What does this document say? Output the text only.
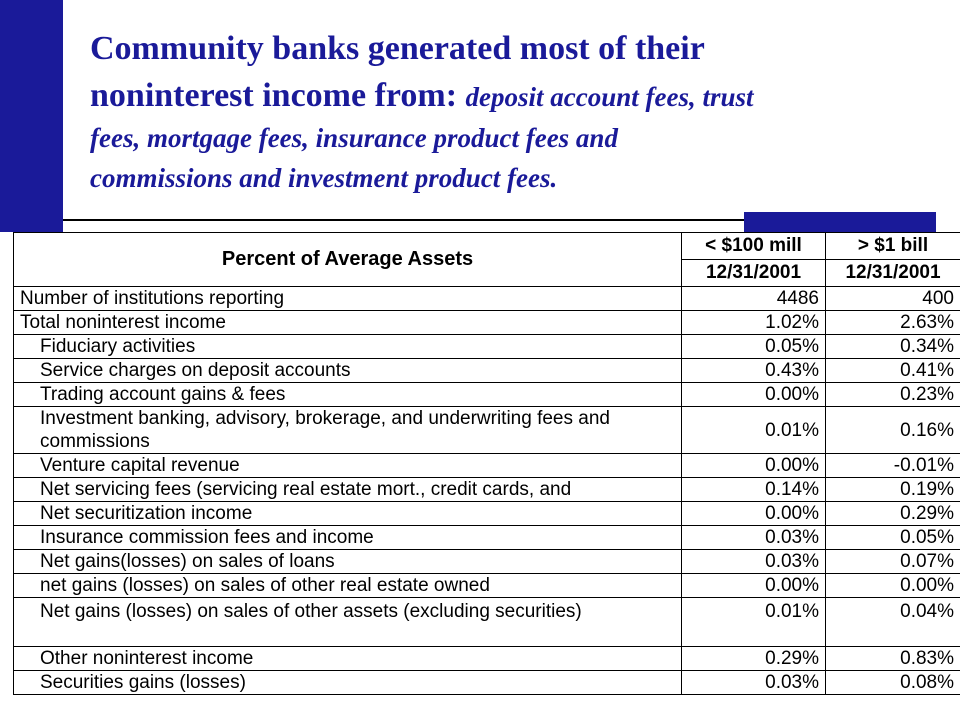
Community banks generated most of their
noninterest income from: deposit account fees, trust
fees, mortgage fees, insurance product fees and
commissions and investment product fees.
Percent of Average Assets	< $100 mill	> $1 bill
	12/31/2001	12/31/2001
Number of institutions reporting	4486	400
Total noninterest income	1.02%	2.63%
Fiduciary activities	0.05%	0.34%
Service charges on deposit accounts	0.43%	0.41%
Trading account gains & fees	0.00%	0.23%
Investment banking, advisory, brokerage, and underwriting fees and commissions	0.01%	0.16%
Venture capital revenue	0.00%	-0.01%
Net servicing fees (servicing real estate mort., credit cards, and	0.14%	0.19%
Net securitization income	0.00%	0.29%
Insurance commission fees and income	0.03%	0.05%
Net gains(losses) on sales of loans	0.03%	0.07%
net gains (losses) on sales of other real estate owned	0.00%	0.00%
Net gains (losses) on sales of other assets (excluding securities)	0.01%	0.04%
Other noninterest income	0.29%	0.83%
Securities gains (losses)	0.03%	0.08%
